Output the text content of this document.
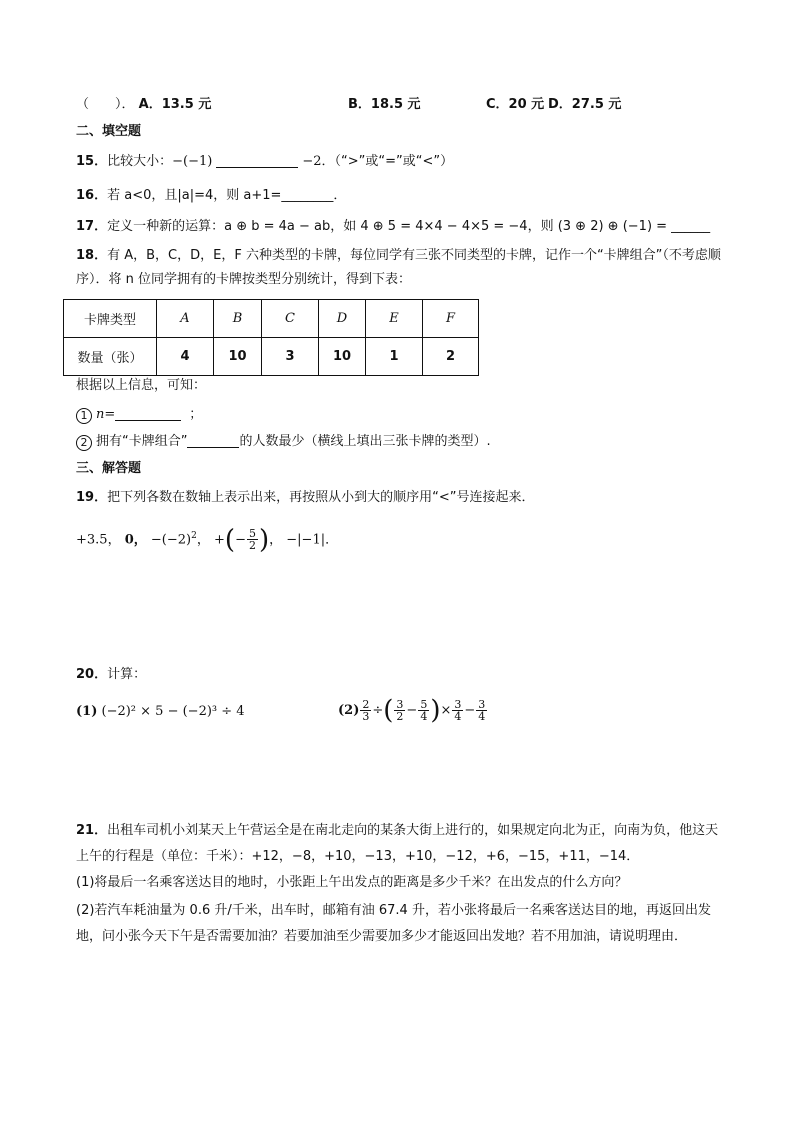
（　　）． A．13.5 元	B．18.5 元	C．20 元 D．27.5 元
二、填空题
15．比较大小：−(−1)	−2．（“>”或“=”或“<”）
16．若 a<0，且|a|=4，则 a+1=________．
17．定义一种新的运算：a ⊕ b = 4a − ab，如 4 ⊕ 5 = 4×4 − 4×5 = −4，则 (3 ⊕ 2) ⊕ (−1) = ______
18．有 A，B，C，D，E，F 六种类型的卡牌，每位同学有三张不同类型的卡牌，记作一个“卡牌组合”（不考虑顺序）．将 n 位同学拥有的卡牌按类型分别统计，得到下表：
卡牌类型	A	B	C	D	E	F
数量（张）	4	10	3	10	1	2
根据以上信息，可知：
1 n=	；
2 拥有“卡牌组合”	的人数最少（横线上填出三张卡牌的类型）.
三、解答题
19．把下列各数在数轴上表示出来，再按照从小到大的顺序用“<”号连接起来．
+3.5， 0， $-(-2)^2$， +(− $\frac{5}{2}$ )， −|−1|．
20．计算：
(1) (−2)² × 5 − (−2)³ ÷ 4	$(2) \frac{2}{3}$ ÷( $\frac{3}{2} - \frac{5}{4}$ )× $\frac{3}{4} - \frac{3}{4}$
21．出租车司机小刘某天上午营运全是在南北走向的某条大街上进行的，如果规定向北为正，向南为负，他这天上午的行程是（单位：千米）：+12，−8，+10，−13，+10，−12，+6，−15，+11，−14．
(1)将最后一名乘客送达目的地时，小张距上午出发点的距离是多少千米？在出发点的什么方向？
(2)若汽车耗油量为 0.6 升/千米，出车时，邮箱有油 67.4 升，若小张将最后一名乘客送达目的地，再返回出发地，问小张今天下午是否需要加油？若要加油至少需要加多少才能返回出发地？若不用加油，请说明理由．
